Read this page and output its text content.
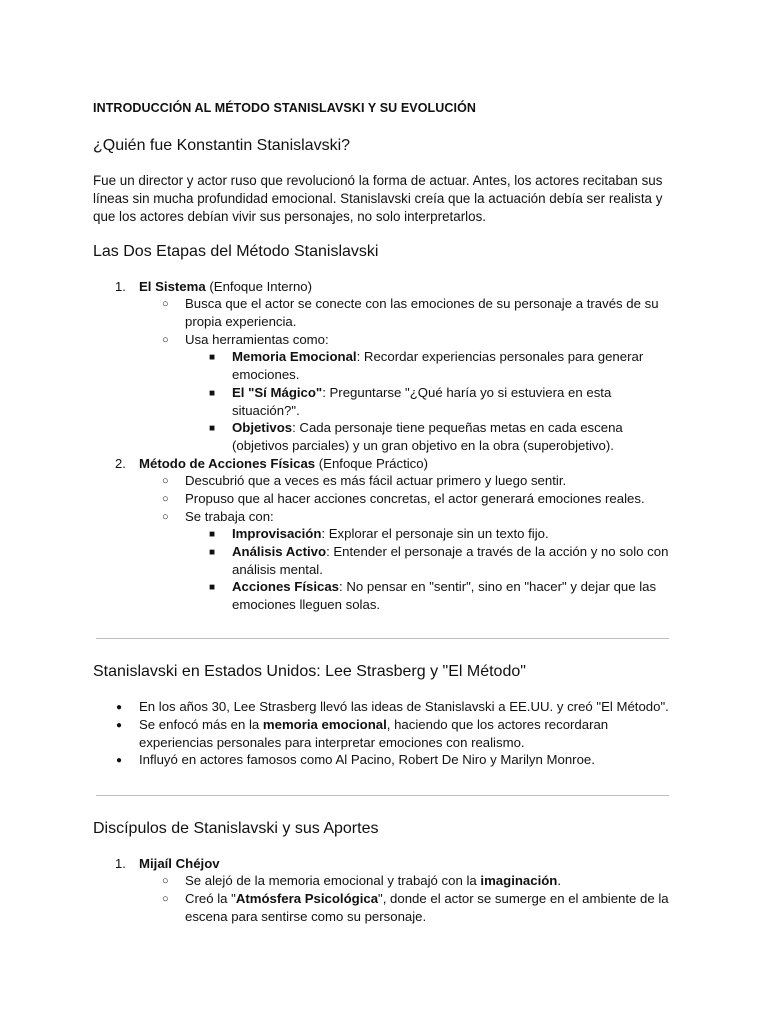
INTRODUCCIÓN AL MÉTODO STANISLAVSKI Y SU EVOLUCIÓN
¿Quién fue Konstantin Stanislavski?

Fue un director y actor ruso que revolucionó la forma de actuar. Antes, los actores recitaban sus líneas sin mucha profundidad emocional. Stanislavski creía que la actuación debía ser realista y que los actores debían vivir sus personajes, no solo interpretarlos.

Las Dos Etapas del Método Stanislavski
1. El Sistema (Enfoque Interno)
○ Busca que el actor se conecte con las emociones de su personaje a través de su
propia experiencia.
○ Usa herramientas como:
■ Memoria Emocional: Recordar experiencias personales para generar
emociones.
■ El "Sí Mágico": Preguntarse "¿Qué haría yo si estuviera en esta
situación?".
■ Objetivos: Cada personaje tiene pequeñas metas en cada escena
(objetivos parciales) y un gran objetivo en la obra (superobjetivo).
2. Método de Acciones Físicas (Enfoque Práctico)
○ Descubrió que a veces es más fácil actuar primero y luego sentir.
○ Propuso que al hacer acciones concretas, el actor generará emociones reales.
○ Se trabaja con:
■ Improvisación: Explorar el personaje sin un texto fijo.
■ Análisis Activo: Entender el personaje a través de la acción y no solo con
análisis mental.
■ Acciones Físicas: No pensar en "sentir", sino en "hacer" y dejar que las
emociones lleguen solas.
Stanislavski en Estados Unidos: Lee Strasberg y "El Método"
● En los años 30, Lee Strasberg llevó las ideas de Stanislavski a EE.UU. y creó "El Método".
● Se enfocó más en la memoria emocional, haciendo que los actores recordaran
experiencias personales para interpretar emociones con realismo.
● Influyó en actores famosos como Al Pacino, Robert De Niro y Marilyn Monroe.
Discípulos de Stanislavski y sus Aportes
1. Mijaíl Chéjov
○ Se alejó de la memoria emocional y trabajó con la imaginación.
○ Creó la "Atmósfera Psicológica", donde el actor se sumerge en el ambiente de la
escena para sentirse como su personaje.
